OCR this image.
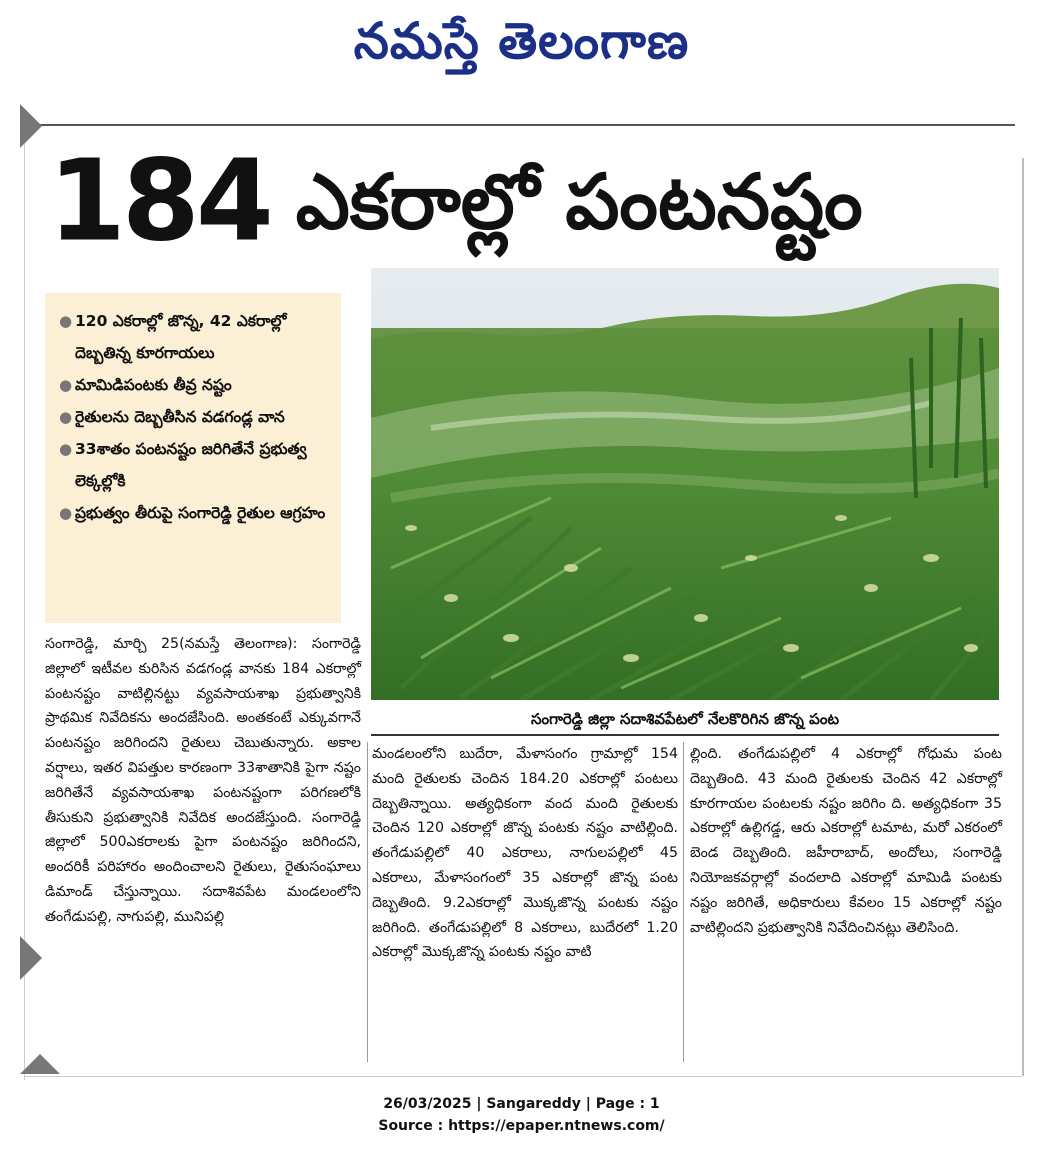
నమస్తే తెలంగాణ
184 ఎకరాల్లో పంటనష్టం
సంగారెడ్డి జిల్లా సదాశివపేటలో నేలకొరిగిన జొన్న పంట
● 120 ఎకరాల్లో జొన్న, 42 ఎకరాల్లో దెబ్బతిన్న కూరగాయలు
● మామిడిపంటకు తీవ్ర నష్టం
● రైతులను దెబ్బతీసిన వడగండ్ల వాన
● 33శాతం పంటనష్టం జరిగితేనే ప్రభుత్వ లెక్కల్లోకి
● ప్రభుత్వం తీరుపై సంగారెడ్డి రైతుల ఆగ్రహం
సంగారెడ్డి, మార్చి 25(నమస్తే తెలంగాణ): సంగారెడ్డి జిల్లాలో ఇటీవల కురిసిన వడగండ్ల వానకు 184 ఎకరాల్లో పంటనష్టం వాటిల్లినట్టు వ్యవసాయశాఖ ప్రభుత్వానికి ప్రాథమిక నివేదికను అందజేసింది. అంతకంటే ఎక్కువగానే పంటనష్టం జరిగిందని రైతులు చెబుతున్నారు. అకాల వర్షాలు, ఇతర విపత్తుల కారణంగా 33శాతానికి పైగా నష్టం జరిగితేనే వ్యవసాయశాఖ పంటనష్టంగా పరిగణలోకి తీసుకుని ప్రభుత్వానికి నివేదిక అందజేస్తుంది. సంగారెడ్డి జిల్లాలో 500ఎకరాలకు పైగా పంటనష్టం జరిగిందని, అందరికీ పరిహారం అందించాలని రైతులు, రైతుసంఘాలు డిమాండ్ చేస్తున్నాయి. సదాశివపేట మండలంలోని తంగేడుపల్లి, నాగుపల్లి, మునిపల్లి
మండలంలోని బుదేరా, మేళాసంగం గ్రామాల్లో 154 మంది రైతులకు చెందిన 184.20 ఎకరాల్లో పంటలు దెబ్బతిన్నాయి. అత్యధికంగా వంద మంది రైతులకు చెందిన 120 ఎకరాల్లో జొన్న పంటకు నష్టం వాటిల్లింది. తంగేడుపల్లిలో 40 ఎకరాలు, నాగులపల్లిలో 45 ఎకరాలు, మేళాసంగంలో 35 ఎకరాల్లో జొన్న పంట దెబ్బతింది. 9.2ఎకరాల్లో మొక్కజొన్న పంటకు నష్టం జరిగింది. తంగేడుపల్లిలో 8 ఎకరాలు, బుదేరలో 1.20 ఎకరాల్లో మొక్కజొన్న పంటకు నష్టం వాటి
ల్లింది. తంగేడుపల్లిలో 4 ఎకరాల్లో గోధుమ పంట దెబ్బతింది. 43 మంది రైతులకు చెందిన 42 ఎకరాల్లో కూరగాయల పంటలకు నష్టం జరిగిం ది. అత్యధికంగా 35 ఎకరాల్లో ఉల్లిగడ్డ, ఆరు ఎకరాల్లో టమాట, మరో ఎకరంలో బెండ దెబ్బతింది. జహీరాబాద్, అందోలు, సంగారెడ్డి నియోజకవర్గాల్లో వందలాది ఎకరాల్లో మామిడి పంటకు నష్టం జరిగితే, అధికారులు కేవలం 15 ఎకరాల్లో నష్టం వాటిల్లిందని ప్రభుత్వానికి నివేదించినట్లు తెలిసింది.
26/03/2025 | Sangareddy | Page : 1
Source : https://epaper.ntnews.com/
